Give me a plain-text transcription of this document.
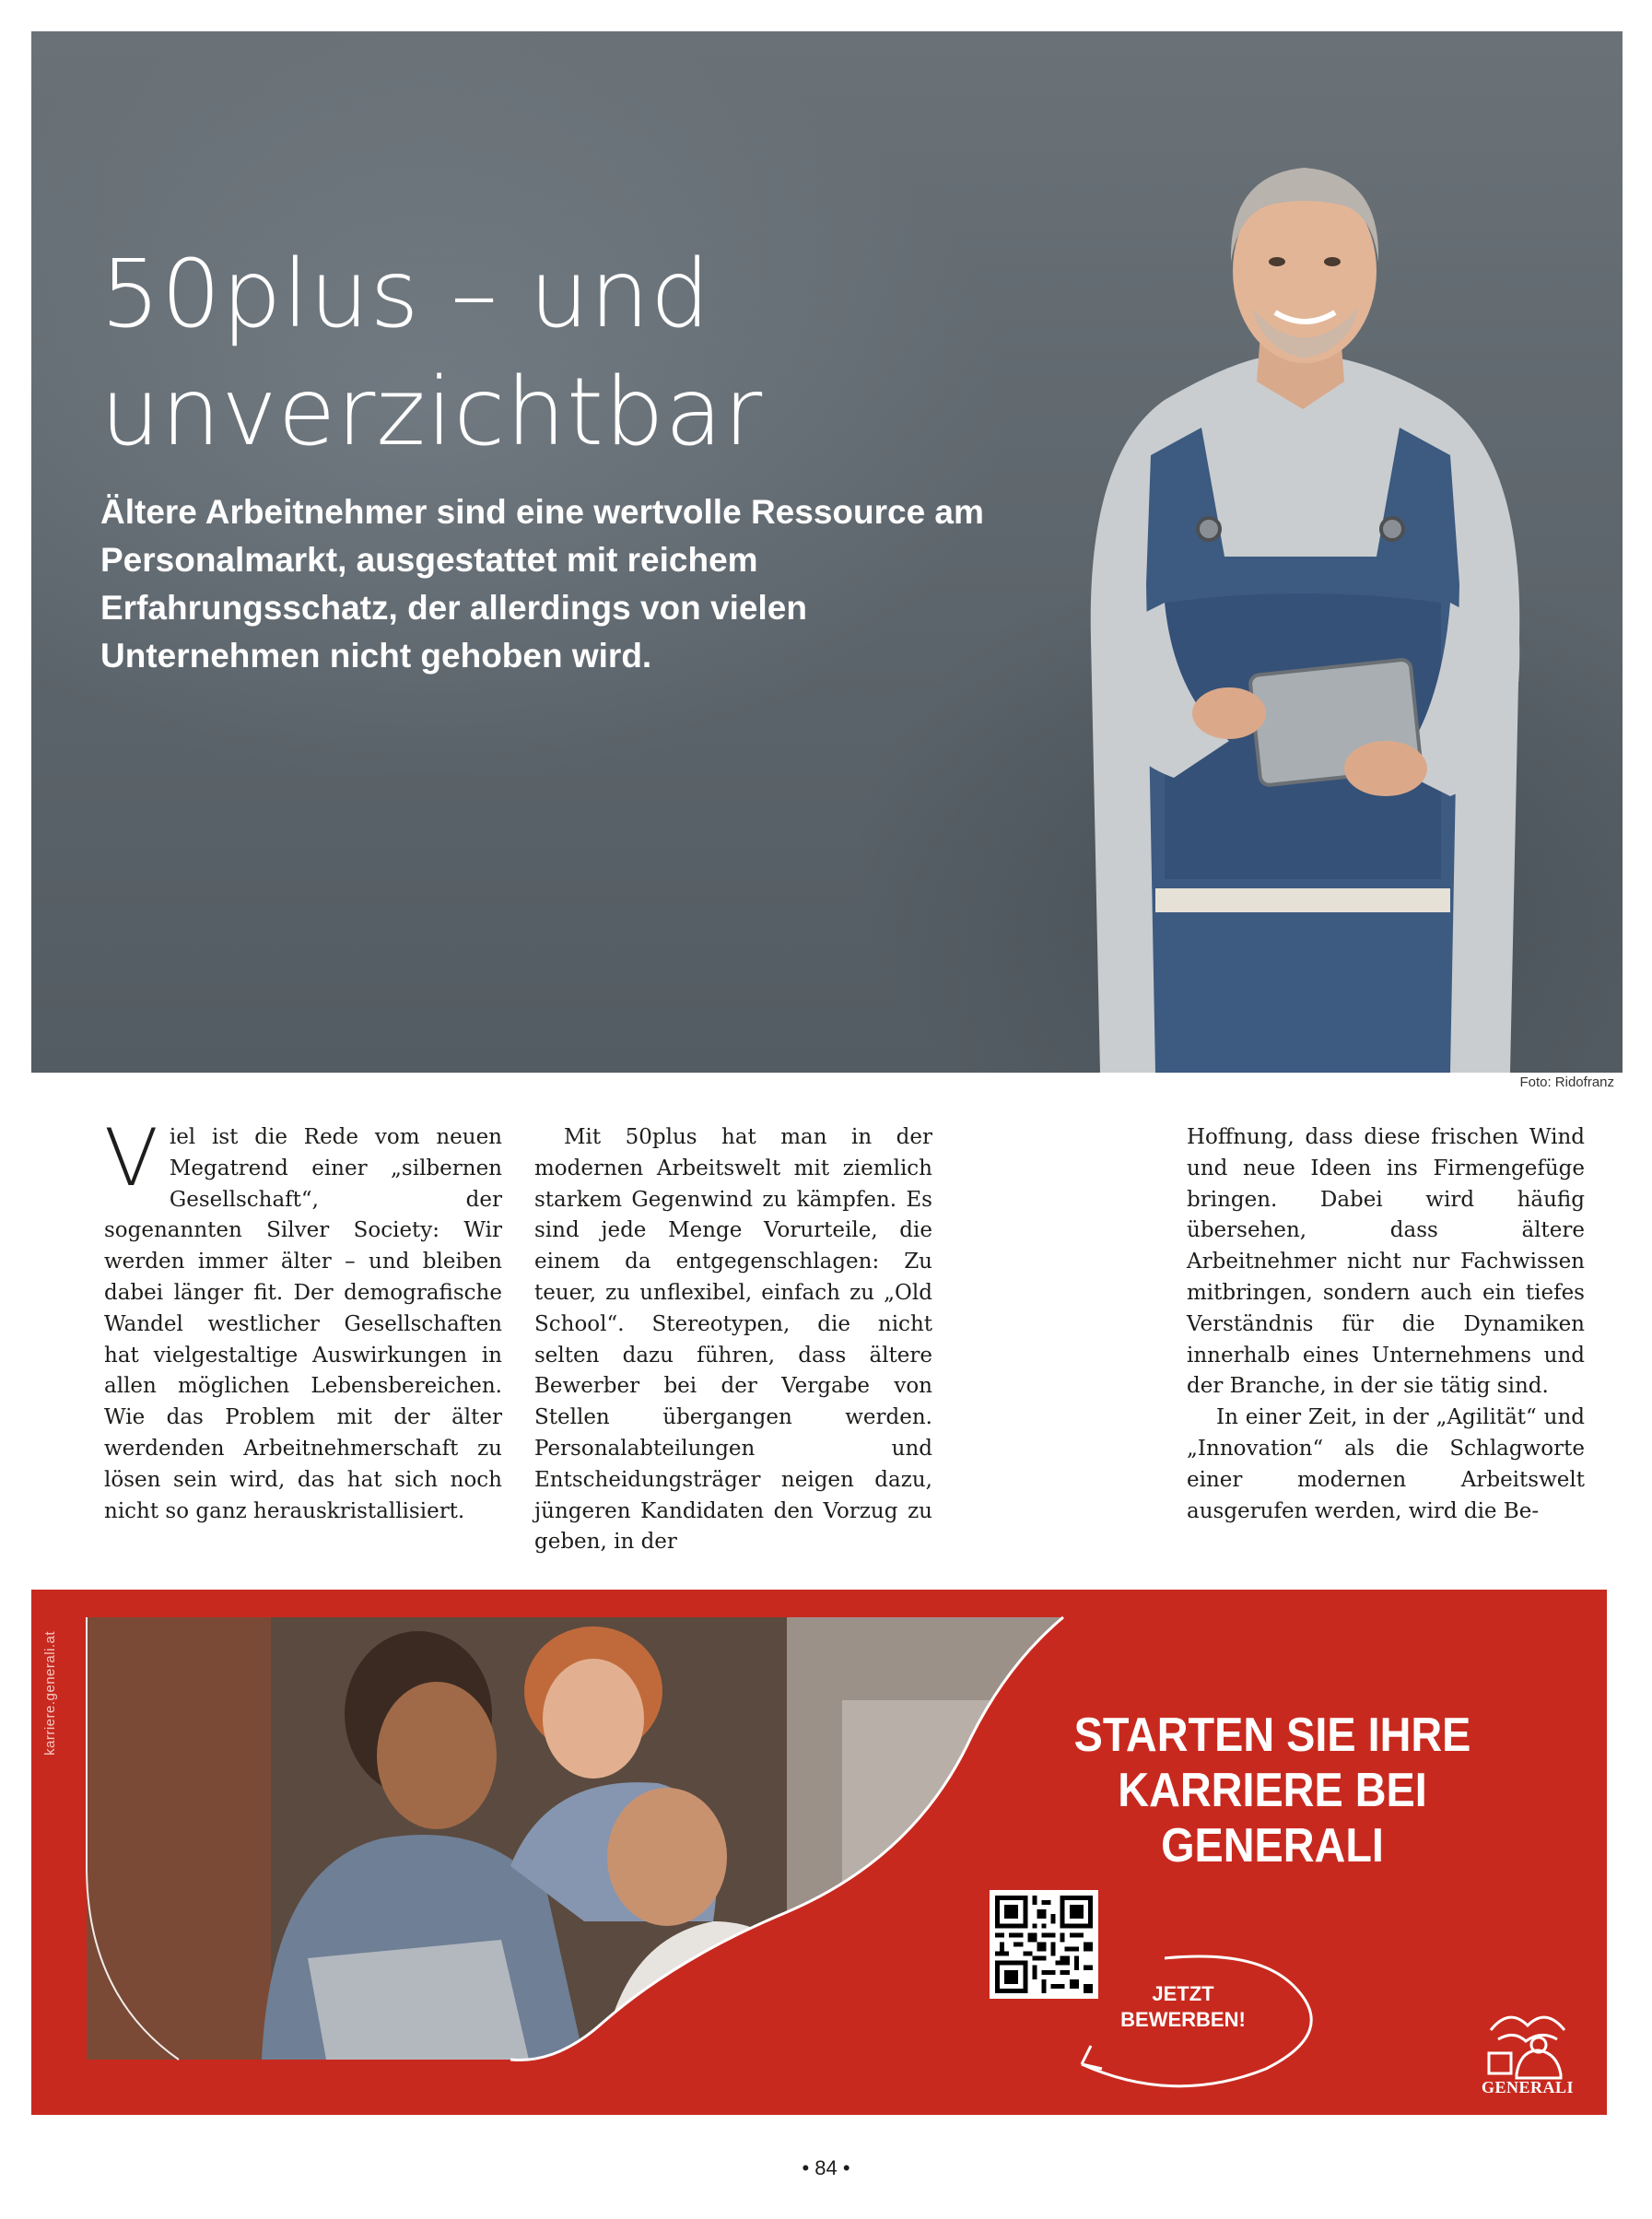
50plus – und
unverzichtbar

Ältere Arbeitnehmer sind eine wertvolle Ressource am Personalmarkt, ausgestattet mit reichem Erfahrungsschatz, der allerdings von vielen Unternehmen nicht gehoben wird.

Foto: Ridofranz

Viel ist die Rede vom neuen Megatrend einer „silbernen Gesellschaft“, der sogenannten Silver Society: Wir werden immer älter – und bleiben dabei länger fit. Der demografische Wandel westlicher Gesellschaften hat vielgestaltige Auswirkungen in allen möglichen Lebensbereichen. Wie das Problem mit der älter werdenden Arbeitnehmerschaft zu lösen sein wird, das hat sich noch nicht so ganz herauskristallisiert.

Mit 50plus hat man in der modernen Arbeitswelt mit ziemlich starkem Gegenwind zu kämpfen. Es sind jede Menge Vorurteile, die einem da entgegenschlagen: Zu teuer, zu unflexibel, einfach zu „Old School“. Stereotypen, die nicht selten dazu führen, dass ältere Bewerber bei der Vergabe von Stellen übergangen werden. Personalabteilungen und Entscheidungsträger neigen dazu, jüngeren Kandidaten den Vorzug zu geben, in der

Hoffnung, dass diese frischen Wind und neue Ideen ins Firmengefüge bringen. Dabei wird häufig übersehen, dass ältere Arbeitnehmer nicht nur Fachwissen mitbringen, sondern auch ein tiefes Verständnis für die Dynamiken innerhalb eines Unternehmens und der Branche, in der sie tätig sind.

In einer Zeit, in der „Agilität“ und „Innovation“ als die Schlagworte einer modernen Arbeitswelt ausgerufen werden, wird die Be-

karriere.generali.at	STARTEN SIE IHRE
KARRIERE BEI GENERALI
JETZT
BEWERBEN!
GENERALI
• 84 •
